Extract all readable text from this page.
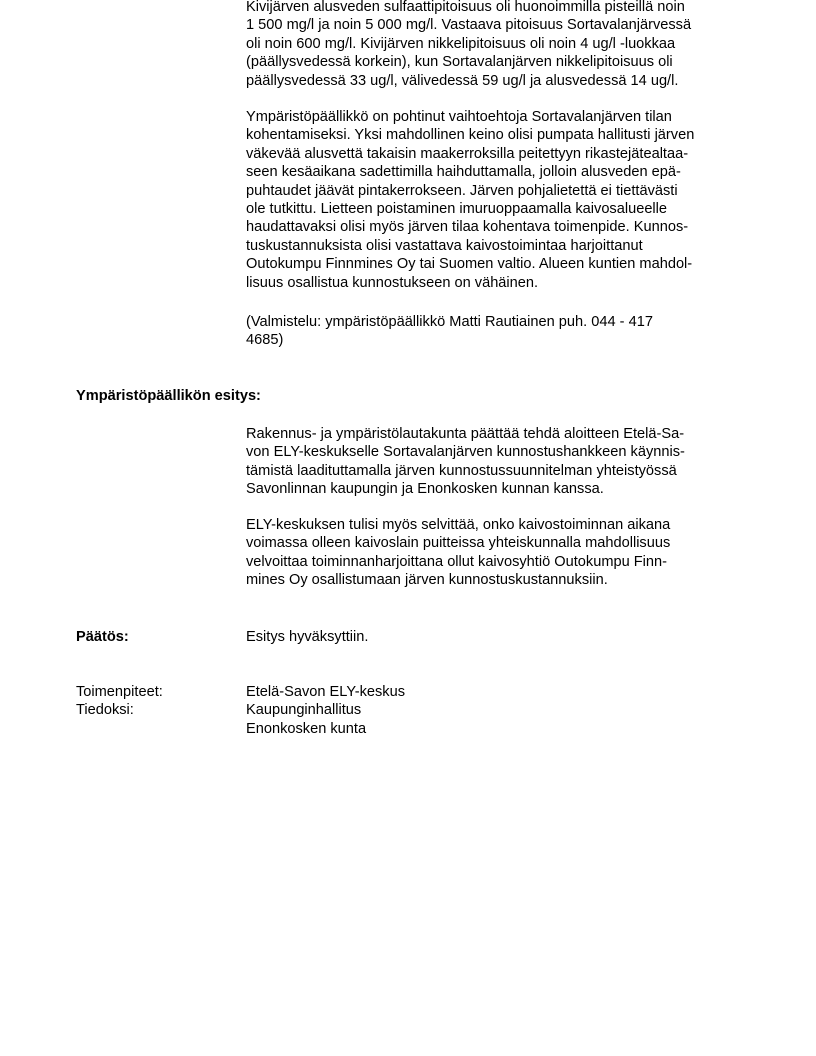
Kivijärven alusveden sulfaattipitoisuus oli huonoimmilla pisteillä noin
1 500 mg/l ja noin 5 000 mg/l. Vastaava pitoisuus Sortavalanjärvessä
oli noin 600 mg/l. Kivijärven nikkelipitoisuus oli noin 4 ug/l -luokkaa
(päällysvedessä korkein), kun Sortavalanjärven nikkelipitoisuus oli
päällysvedessä 33 ug/l, välivedessä 59 ug/l ja alusvedessä 14 ug/l.

Ympäristöpäällikkö on pohtinut vaihtoehtoja Sortavalanjärven tilan
kohentamiseksi. Yksi mahdollinen keino olisi pumpata hallitusti järven
väkevää alusvettä takaisin maakerroksilla peitettyyn rikastejätealtaa-
seen kesäaikana sadettimilla haihduttamalla, jolloin alusveden epä-
puhtaudet jäävät pintakerrokseen. Järven pohjalietettä ei tiettävästi
ole tutkittu. Lietteen poistaminen imuruoppaamalla kaivosalueelle
haudattavaksi olisi myös järven tilaa kohentava toimenpide. Kunnos-
tuskustannuksista olisi vastattava kaivostoimintaa harjoittanut
Outokumpu Finnmines Oy tai Suomen valtio. Alueen kuntien mahdol-
lisuus osallistua kunnostukseen on vähäinen.

(Valmistelu: ympäristöpäällikkö Matti Rautiainen puh. 044 - 417
4685)

Ympäristöpäällikön esitys:

Rakennus- ja ympäristölautakunta päättää tehdä aloitteen Etelä-Sa-
von ELY-keskukselle Sortavalanjärven kunnostushankkeen käynnis-
tämistä laadituttamalla järven kunnostussuunnitelman yhteistyössä
Savonlinnan kaupungin ja Enonkosken kunnan kanssa.

ELY-keskuksen tulisi myös selvittää, onko kaivostoiminnan aikana
voimassa olleen kaivoslain puitteissa yhteiskunnalla mahdollisuus
velvoittaa toiminnanharjoittana ollut kaivosyhtiö Outokumpu Finn-
mines Oy osallistumaan järven kunnostuskustannuksiin.

Päätös:	Esitys hyväksyttiin.

Toimenpiteet:
Tiedoksi:

Etelä-Savon ELY-keskus
Kaupunginhallitus
Enonkosken kunta
